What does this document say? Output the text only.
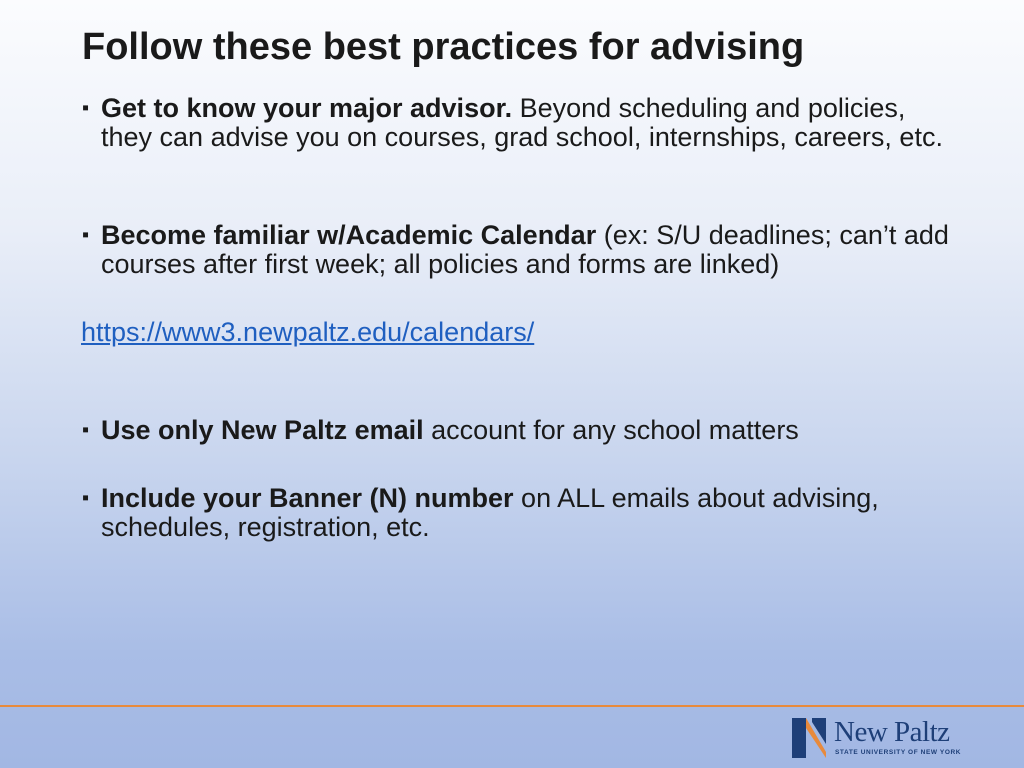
Follow these best practices for advising
▪ Get to know your major advisor. Beyond scheduling and policies, they can advise you on courses, grad school, internships, careers, etc.
▪ Become familiar w/Academic Calendar (ex: S/U deadlines; can’t add courses after first week; all policies and forms are linked)
https://www3.newpaltz.edu/calendars/
▪ Use only New Paltz email account for any school matters
▪ Include your Banner (N) number on ALL emails about advising, schedules, registration, etc.
New Paltz
STATE UNIVERSITY OF NEW YORK
